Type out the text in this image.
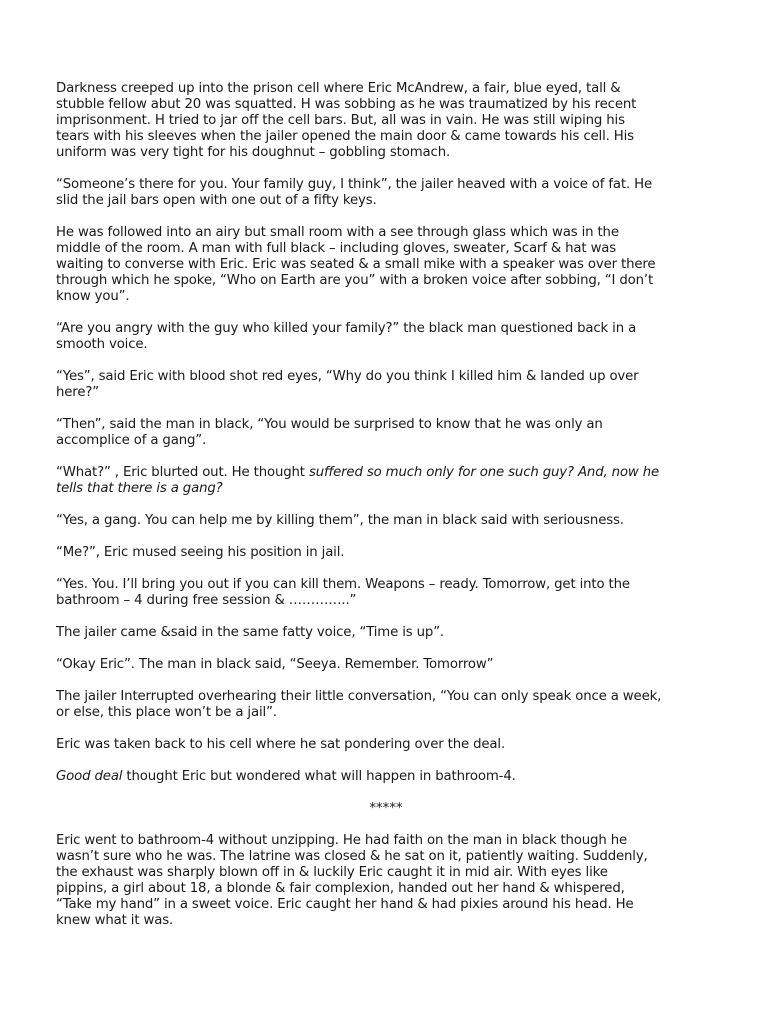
Darkness creeped up into the prison cell where Eric McAndrew, a fair, blue eyed, tall &
stubble fellow abut 20 was squatted. H was sobbing as he was traumatized by his recent
imprisonment. H tried to jar off the cell bars. But, all was in vain. He was still wiping his
tears with his sleeves when the jailer opened the main door & came towards his cell. His
uniform was very tight for his doughnut – gobbling stomach.

“Someone’s there for you. Your family guy, I think”, the jailer heaved with a voice of fat. He
slid the jail bars open with one out of a fifty keys.

He was followed into an airy but small room with a see through glass which was in the
middle of the room. A man with full black – including gloves, sweater, Scarf & hat was
waiting to converse with Eric. Eric was seated & a small mike with a speaker was over there
through which he spoke, “Who on Earth are you” with a broken voice after sobbing, “I don’t
know you”.

“Are you angry with the guy who killed your family?” the black man questioned back in a
smooth voice.

“Yes”, said Eric with blood shot red eyes, “Why do you think I killed him & landed up over
here?”

“Then”, said the man in black, “You would be surprised to know that he was only an
accomplice of a gang”.

“What?” , Eric blurted out. He thought suffered so much only for one such guy? And, now he
tells that there is a gang?

“Yes, a gang. You can help me by killing them”, the man in black said with seriousness.

“Me?”, Eric mused seeing his position in jail.

“Yes. You. I’ll bring you out if you can kill them. Weapons – ready. Tomorrow, get into the
bathroom – 4 during free session & …………..”

The jailer came &said in the same fatty voice, “Time is up”.

“Okay Eric”. The man in black said, “Seeya. Remember. Tomorrow”

The jailer Interrupted overhearing their little conversation, “You can only speak once a week,
or else, this place won’t be a jail”.

Eric was taken back to his cell where he sat pondering over the deal.

Good deal thought Eric but wondered what will happen in bathroom-4.

*****

Eric went to bathroom-4 without unzipping. He had faith on the man in black though he
wasn’t sure who he was. The latrine was closed & he sat on it, patiently waiting. Suddenly,
the exhaust was sharply blown off in & luckily Eric caught it in mid air. With eyes like
pippins, a girl about 18, a blonde & fair complexion, handed out her hand & whispered,
“Take my hand” in a sweet voice. Eric caught her hand & had pixies around his head. He
knew what it was.
